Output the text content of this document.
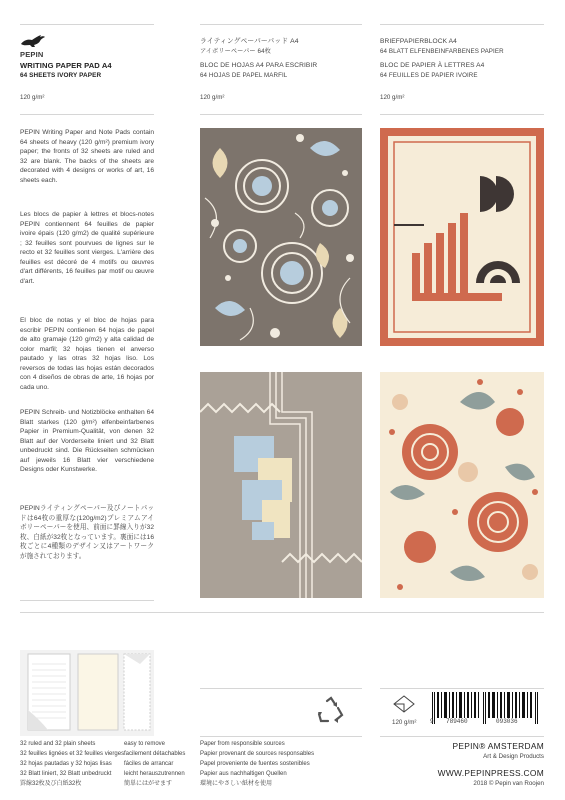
PEPIN
WRITING PAPER PAD A4
64 SHEETS IVORY PAPER
120 g/m²
ライティングペーパーパッド A4
アイボリーペーパー 64枚
BLOC DE HOJAS A4 PARA ESCRIBIR
64 HOJAS DE PAPEL MARFIL
120 g/m²
BRIEFPAPIERBLOCK A4
64 BLATT ELFENBEINFARBENES PAPIER
BLOC DE PAPIER À LETTRES A4
64 FEUILLES DE PAPIER IVOIRE
120 g/m²
PEPIN Writing Paper and Note Pads contain 64 sheets of heavy (120 g/m²) premium ivory paper; the fronts of 32 sheets are ruled and 32 are blank. The backs of the sheets are decorated with 4 designs or works of art, 16 sheets each.
Les blocs de papier à lettres et blocs-notes PEPIN contiennent 64 feuilles de papier ivoire épais (120 g/m2) de qualité supérieure ; 32 feuilles sont pourvues de lignes sur le recto et 32 feuilles sont vierges. L'arrière des feuilles est décoré de 4 motifs ou œuvres d'art différents, 16 feuilles par motif ou œuvre d'art.
El bloc de notas y el bloc de hojas para escribir PEPIN contienen 64 hojas de papel de alto gramaje (120 g/m2) y alta calidad de color marfil; 32 hojas tienen el anverso pautado y las otras 32 hojas liso. Los reversos de todas las hojas están decorados con 4 diseños de obras de arte, 16 hojas por cada uno.
PEPIN Schreib- und Notizblöcke enthalten 64 Blatt starkes (120 g/m²) elfenbeinfarbenes Papier in Premium-Qualität, von denen 32 Blatt auf der Vorderseite liniert und 32 Blatt unbedruckt sind. Die Rückseiten schmücken auf jeweils 16 Blatt vier verschiedene Designs oder Kunstwerke.
PEPINライティングペーパー及びノートパッドは64枚の重厚な(120g/m2)プレミアムアイボリーペーパーを使用、前面に罫線入りが32枚、白紙が32枚となっています。裏面には16枚ごとに4種類のデザイン又はアートワークが施されております。
32 ruled and 32 plain sheets
32 feuilles lignées et 32 feuilles vierges
32 hojas pautadas y 32 hojas lisas
32 Blatt liniert, 32 Blatt unbedruckt
罫線32枚及び白紙32枚
easy to remove
facilement détachables
fáciles de arrancar
leicht herauszutrennen
簡単にはがせます
Paper from responsible sources
Papier provenant de sources responsables
Papel proveniente de fuentes sostenibles
Papier aus nachhaltigen Quellen
環境にやさしい紙材を使用
120 g/m² 9 789460	093036
PEPIN® AMSTERDAM
Art & Design Products
WWW.PEPINPRESS.COM
2018 © Pepin van Roojen
